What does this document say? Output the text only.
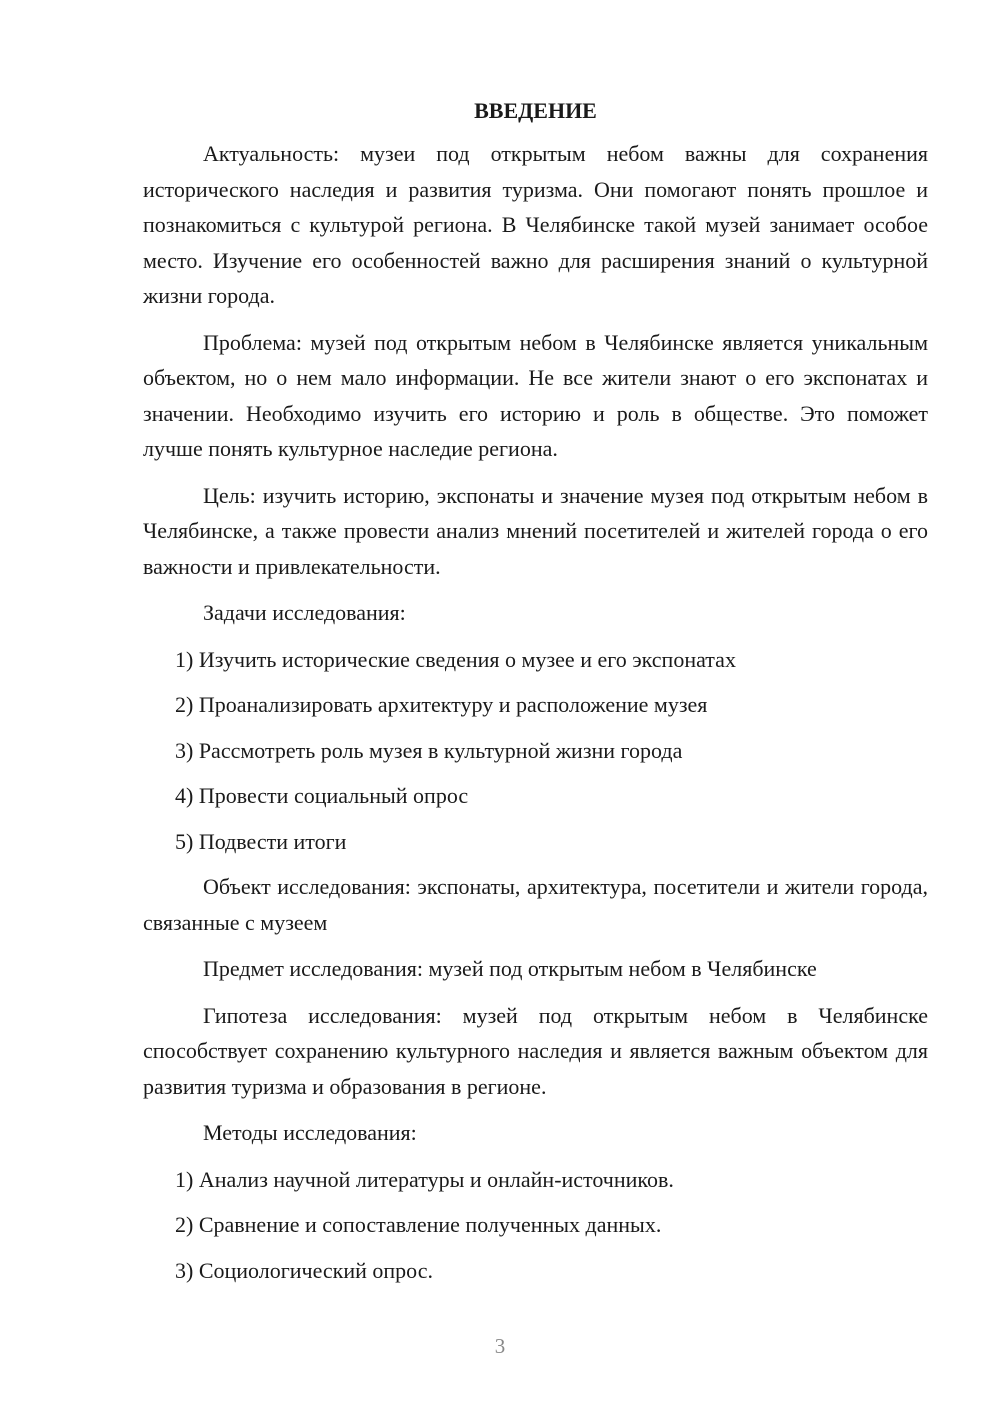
ВВЕДЕНИЕ

Актуальность: музеи под открытым небом важны для сохранения исторического наследия и развития туризма. Они помогают понять прошлое и познакомиться с культурой региона. В Челябинске такой музей занимает особое место. Изучение его особенностей важно для расширения знаний о культурной жизни города.

Проблема: музей под открытым небом в Челябинске является уникальным объектом, но о нем мало информации. Не все жители знают о его экспонатах и значении. Необходимо изучить его историю и роль в обществе. Это поможет лучше понять культурное наследие региона.

Цель: изучить историю, экспонаты и значение музея под открытым небом в Челябинске, а также провести анализ мнений посетителей и жителей города о его важности и привлекательности.

Задачи исследования:

1) Изучить исторические сведения о музее и его экспонатах
2) Проанализировать архитектуру и расположение музея
3) Рассмотреть роль музея в культурной жизни города
4) Провести социальный опрос
5) Подвести итоги

Объект исследования: экспонаты, архитектура, посетители и жители города, связанные с музеем

Предмет исследования: музей под открытым небом в Челябинске

Гипотеза исследования: музей под открытым небом в Челябинске способствует сохранению культурного наследия и является важным объектом для развития туризма и образования в регионе.

Методы исследования:

1) Анализ научной литературы и онлайн-источников.
2) Сравнение и сопоставление полученных данных.
3) Социологический опрос.
3
